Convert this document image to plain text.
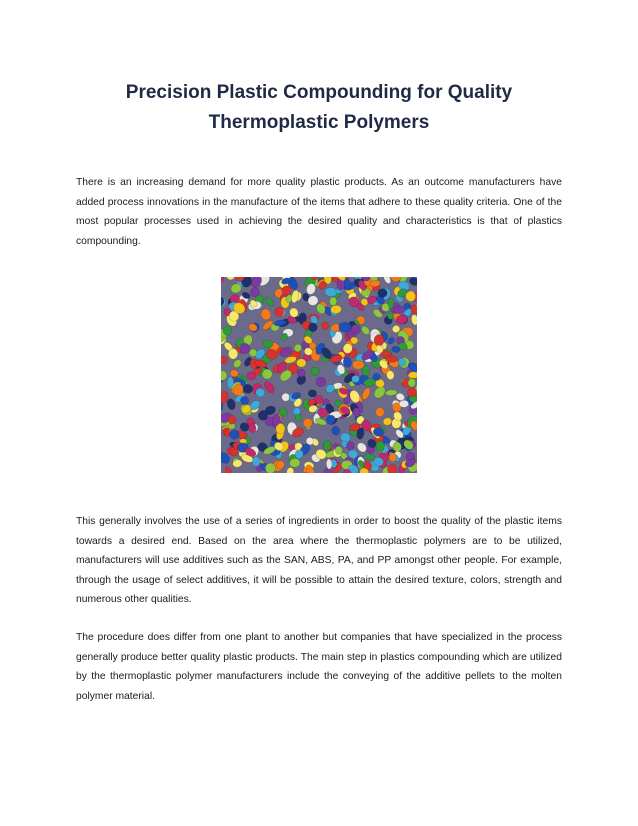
Precision Plastic Compounding for Quality
Thermoplastic Polymers

There is an increasing demand for more quality plastic products. As an outcome manufacturers have added process innovations in the manufacture of the items that adhere to these quality criteria. One of the most popular processes used in achieving the desired quality and characteristics is that of plastics compounding.

This generally involves the use of a series of ingredients in order to boost the quality of the plastic items towards a desired end. Based on the area where the thermoplastic polymers are to be utilized, manufacturers will use additives such as the SAN, ABS, PA, and PP amongst other people. For example, through the usage of select additives, it will be possible to attain the desired texture, colors, strength and numerous other qualities.

The procedure does differ from one plant to another but companies that have specialized in the process generally produce better quality plastic products. The main step in plastics compounding which are utilized by the thermoplastic polymer manufacturers include the conveying of the additive pellets to the molten polymer material.
